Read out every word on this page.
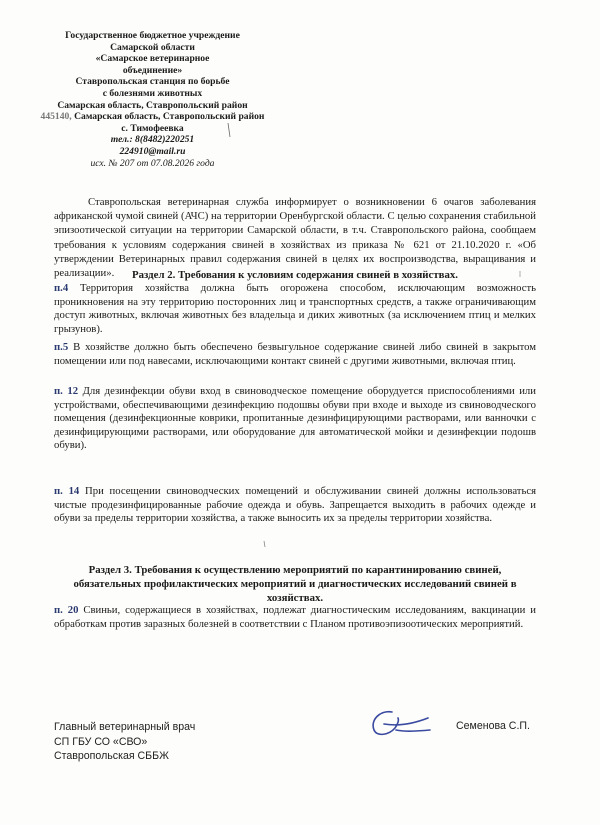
Государственное бюджетное учреждение
Самарской области
«Самарское ветеринарное
объединение»
Ставропольская станция по борьбе
с болезнями животных
Самарская область, Ставропольский район
445140, Самарская область, Ставропольский район
с. Тимофеевка
тел.: 8(8482)220251
224910@mail.ru
исх. № 207 от 07.08.2026 года

Ставропольская ветеринарная служба информирует о возникновении 6 очагов заболевания африканской чумой свиней (АЧС) на территории Оренбургской области. С целью сохранения стабильной эпизоотической ситуации на территории Самарской области, в т.ч. Ставропольского района, сообщаем требования к условиям содержания свиней в хозяйствах из приказа № 621 от 21.10.2020 г. «Об утверждении Ветеринарных правил содержания свиней в целях их воспроизводства, выращивания и реализации».	Раздел 2. Требования к условиям содержания свиней в хозяйствах.

п.4 Территория хозяйства должна быть огорожена способом, исключающим возможность проникновения на эту территорию посторонних лиц и транспортных средств, а также ограничивающим доступ животных, включая животных без владельца и диких животных (за исключением птиц и мелких грызунов).

п.5 В хозяйстве должно быть обеспечено безвыгульное содержание свиней либо свиней в закрытом помещении или под навесами, исключающими контакт свиней с другими животными, включая птиц.

п. 12 Для дезинфекции обуви вход в свиноводческое помещение оборудуется приспособлениями или устройствами, обеспечивающими дезинфекцию подошвы обуви при входе и выходе из свиноводческого помещения (дезинфекционные коврики, пропитанные дезинфицирующими растворами, или ванночки с дезинфицирующими растворами, или оборудование для автоматической мойки и дезинфекции подошв обуви).

п. 14 При посещении свиноводческих помещений и обслуживании свиней должны использоваться чистые продезинфицированные рабочие одежда и обувь. Запрещается выходить в рабочих одежде и обуви за пределы территории хозяйства, а также выносить их за пределы территории хозяйства.

Раздел 3. Требования к осуществлению мероприятий по карантинированию свиней, обязательных профилактических мероприятий и диагностических исследований свиней в хозяйствах.

п. 20 Свиньи, содержащиеся в хозяйствах, подлежат диагностическим исследованиям, вакцинации и обработкам против заразных болезней в соответствии с Планом противоэпизоотических мероприятий.

Главный ветеринарный врач
СП ГБУ СО «СВО»
Ставропольская СББЖ
Семенова С.П.
